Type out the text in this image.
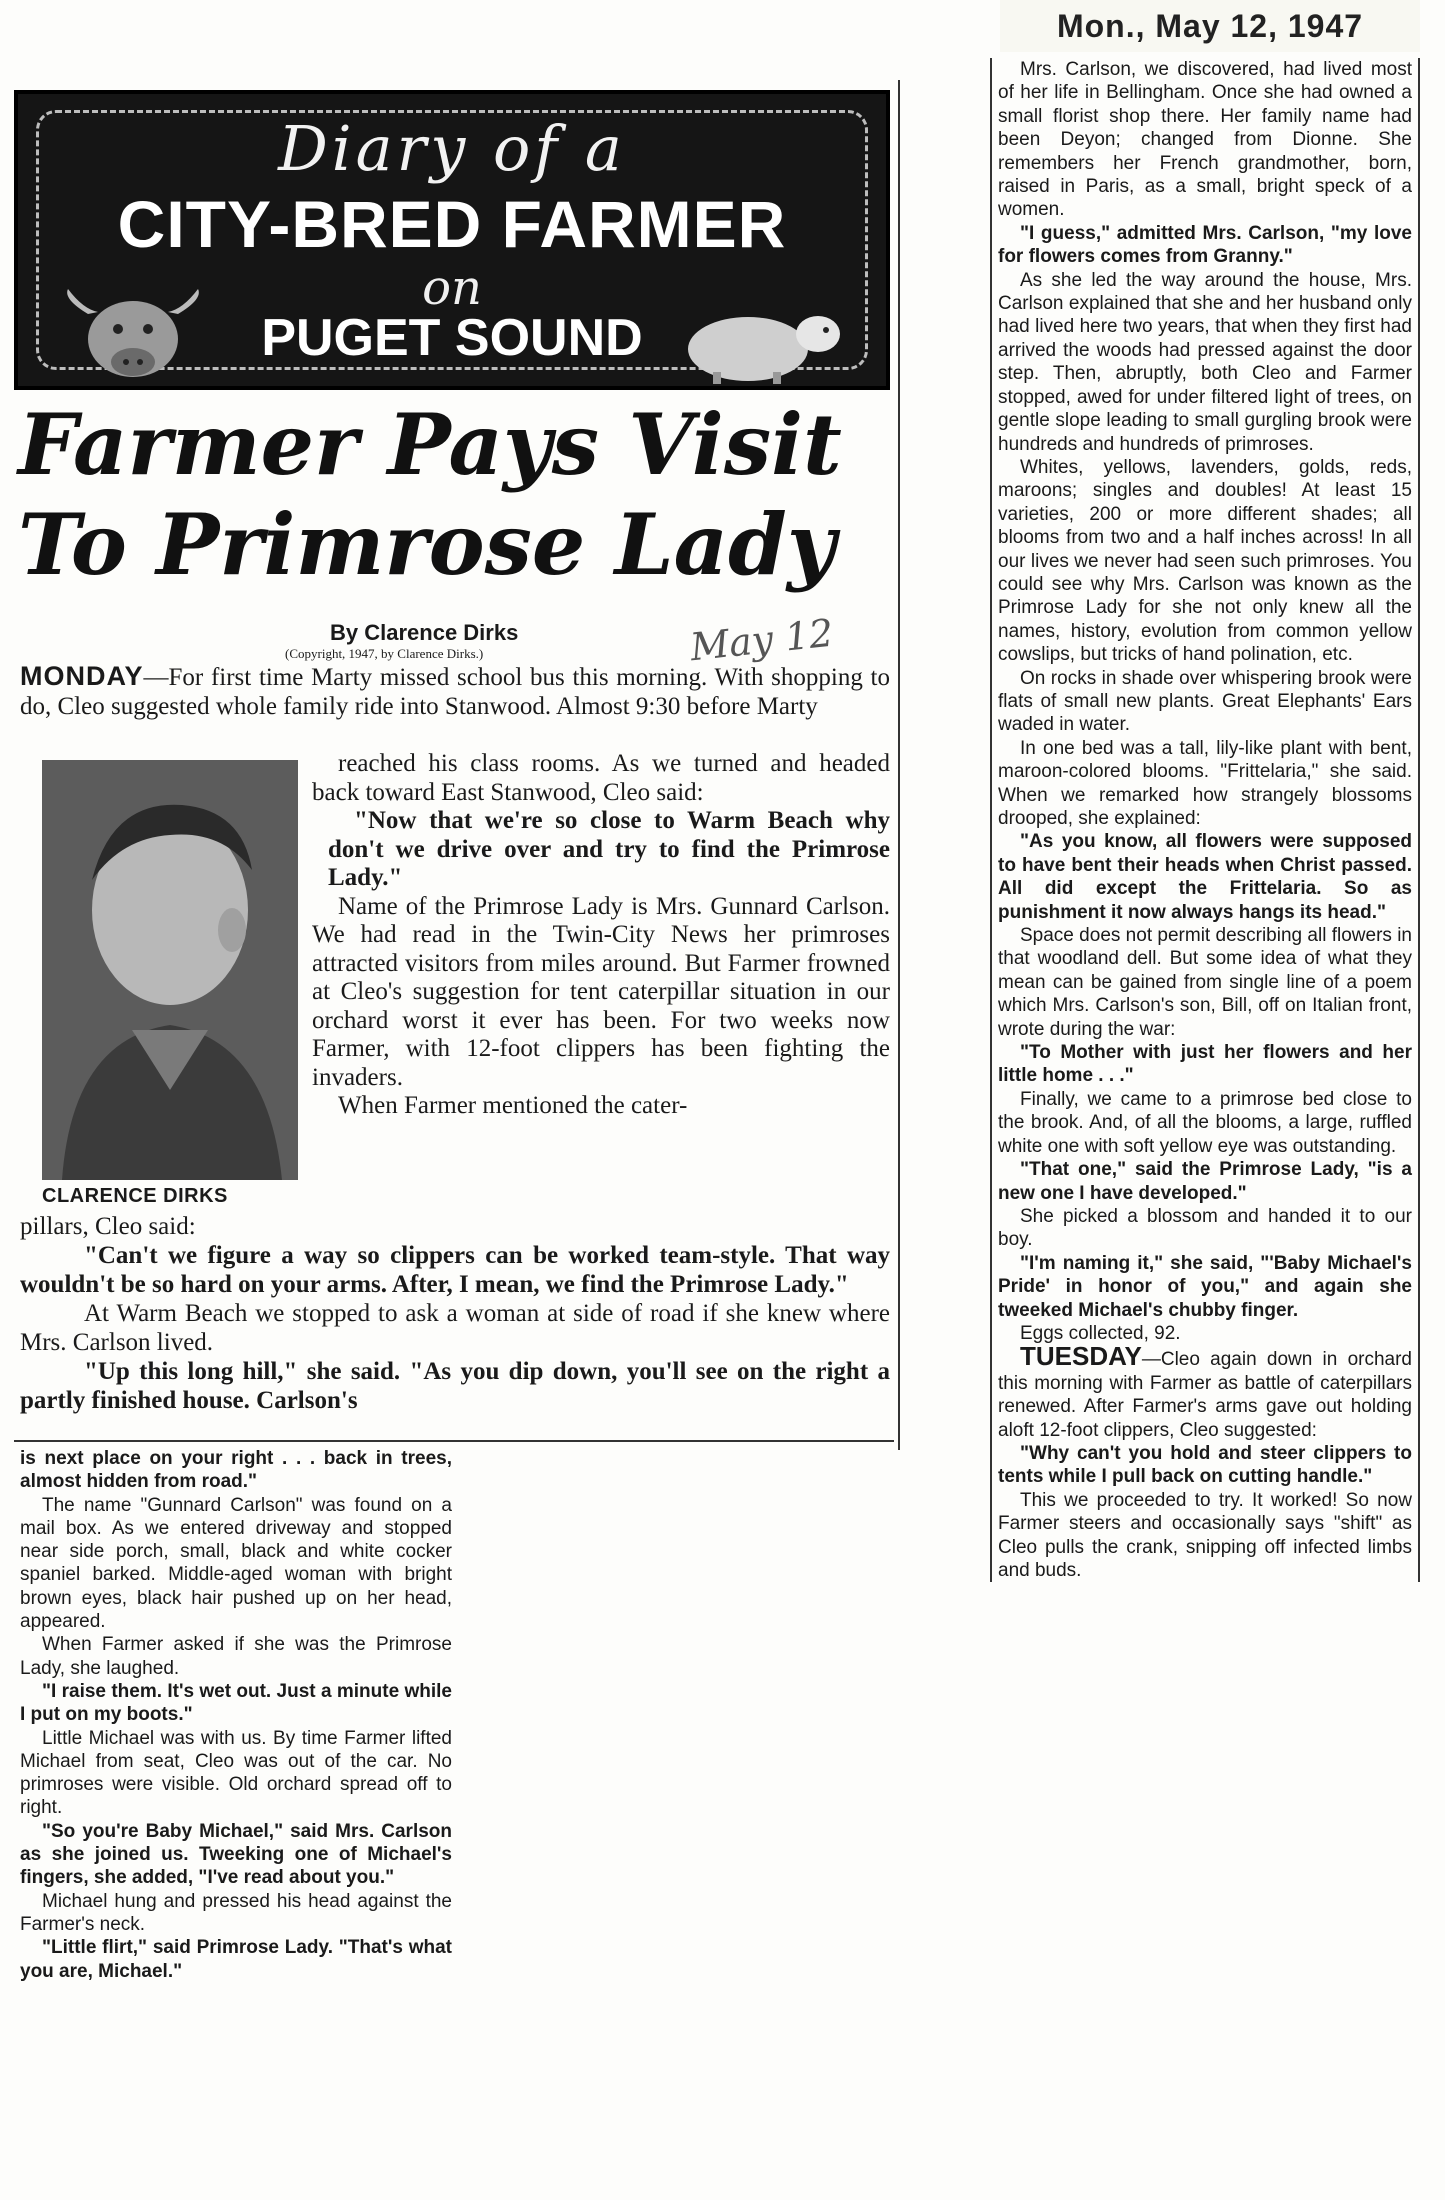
Mon., May 12, 1947
Diary of a
CITY-BRED FARMER
on
PUGET SOUND
Farmer Pays Visit
To Primrose Lady
By Clarence Dirks
(Copyright, 1947, by Clarence Dirks.)	May 12
MONDAY—For first time Marty missed school bus this morning. With shopping to do, Cleo suggested whole family ride into Stanwood. Almost 9:30 before Marty
CLARENCE DIRKS

reached his class rooms. As we turned and headed back toward East Stanwood, Cleo said:

"Now that we're so close to Warm Beach why don't we drive over and try to find the Primrose Lady."

Name of the Primrose Lady is Mrs. Gunnard Carlson. We had read in the Twin-City News her primroses attracted visitors from miles around. But Farmer frowned at Cleo's suggestion for tent caterpillar situation in our orchard worst it ever has been. For two weeks now Farmer, with 12-foot clippers has been fighting the invaders.

When Farmer mentioned the cater-

pillars, Cleo said:

"Can't we figure a way so clippers can be worked team-style. That way wouldn't be so hard on your arms. After, I mean, we find the Primrose Lady."

At Warm Beach we stopped to ask a woman at side of road if she knew where Mrs. Carlson lived.

"Up this long hill," she said. "As you dip down, you'll see on the right a partly finished house. Carlson's

is next place on your right . . . back in trees, almost hidden from road."

The name "Gunnard Carlson" was found on a mail box. As we entered driveway and stopped near side porch, small, black and white cocker spaniel barked. Middle-aged woman with bright brown eyes, black hair pushed up on her head, appeared.

When Farmer asked if she was the Primrose Lady, she laughed.

"I raise them. It's wet out. Just a minute while I put on my boots."

Little Michael was with us. By time Farmer lifted Michael from seat, Cleo was out of the car. No primroses were visible. Old orchard spread off to right.

"So you're Baby Michael," said Mrs. Carlson as she joined us. Tweeking one of Michael's fingers, she added, "I've read about you."

Michael hung and pressed his head against the Farmer's neck.

"Little flirt," said Primrose Lady. "That's what you are, Michael."

Mrs. Carlson, we discovered, had lived most of her life in Bellingham. Once she had owned a small florist shop there. Her family name had been Deyon; changed from Dionne. She remembers her French grandmother, born, raised in Paris, as a small, bright speck of a women.

"I guess," admitted Mrs. Carlson, "my love for flowers comes from Granny."

As she led the way around the house, Mrs. Carlson explained that she and her husband only had lived here two years, that when they first had arrived the woods had pressed against the door step. Then, abruptly, both Cleo and Farmer stopped, awed for under filtered light of trees, on gentle slope leading to small gurgling brook were hundreds and hundreds of primroses.

Whites, yellows, lavenders, golds, reds, maroons; singles and doubles! At least 15 varieties, 200 or more different shades; all blooms from two and a half inches across! In all our lives we never had seen such primroses. You could see why Mrs. Carlson was known as the Primrose Lady for she not only knew all the names, history, evolution from common yellow cowslips, but tricks of hand polination, etc.

On rocks in shade over whispering brook were flats of small new plants. Great Elephants' Ears waded in water.

In one bed was a tall, lily-like plant with bent, maroon-colored blooms. "Frittelaria," she said. When we remarked how strangely blossoms drooped, she explained:

"As you know, all flowers were supposed to have bent their heads when Christ passed. All did except the Frittelaria. So as punishment it now always hangs its head."

Space does not permit describing all flowers in that woodland dell. But some idea of what they mean can be gained from single line of a poem which Mrs. Carlson's son, Bill, off on Italian front, wrote during the war:

"To Mother with just her flowers and her little home . . ."

Finally, we came to a primrose bed close to the brook. And, of all the blooms, a large, ruffled white one with soft yellow eye was outstanding.

"That one," said the Primrose Lady, "is a new one I have developed."

She picked a blossom and handed it to our boy.

"I'm naming it," she said, "'Baby Michael's Pride' in honor of you," and again she tweeked Michael's chubby finger.

Eggs collected, 92.

TUESDAY—Cleo again down in orchard this morning with Farmer as battle of caterpillars renewed. After Farmer's arms gave out holding aloft 12-foot clippers, Cleo suggested:

"Why can't you hold and steer clippers to tents while I pull back on cutting handle."

This we proceeded to try. It worked! So now Farmer steers and occasionally says "shift" as Cleo pulls the crank, snipping off infected limbs and buds.
